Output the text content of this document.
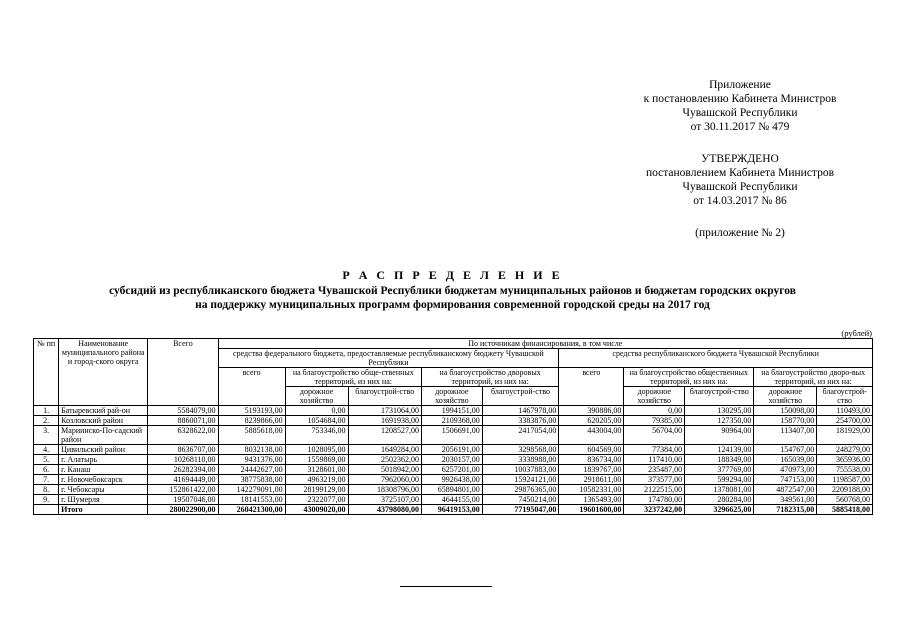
Приложение
к постановлению Кабинета Министров
Чувашской Республики
от 30.11.2017 № 479
УТВЕРЖДЕНО
постановлением Кабинета Министров
Чувашской Республики
от 14.03.2017 № 86
(приложение № 2)
Р А С П Р Е Д Е Л Е Н И Е
субсидий из республиканского бюджета Чувашской Республики бюджетам муниципальных районов и бюджетам городских округов
на поддержку муниципальных программ формирования современной городской среды на 2017 год
(рублей)
№ пп	Наименование муниципального района и город-ского округа	Всего	По источникам финансирования, в том числе									
			средства федерального бюджета, предоставляемые республиканскому бюджету Чувашской Республики					средства республиканского бюджета Чувашской Республики				
			всего	на благоустройство обще-ственных территорий, из них на:		на благоустройство дворовых территорий, из них на:		всего	на благоустройство общественных территорий, из них на:		на благоустройство дворо-вых территорий, из них на:	
				дорожное хозяйство	благоустрой-ство	дорожное хозяйство	благоустрой-ство		дорожное хозяйство	благоустрой-ство	дорожное хозяйство	благоустрой-ство
1.	Батыревский рай-он	5584079,00	5193193,00	0,00	1731064,00	1994151,00	1467978,00	390886,00	0,00	130295,00	150098,00	110493,00
2.	Козловский район	8860071,00	8239866,00	1054684,00	1691938,00	2109368,00	3383876,00	620205,00	79385,00	127350,00	158770,00	254700,00
3.	Мариинско-По-садский район	6328622,00	5885618,00	753346,00	1208527,00	1506691,00	2417054,00	443004,00	56704,00	90964,00	113407,00	181929,00
4.	Цивильский район	8636707,00	8032138,00	1028095,00	1649284,00	2056191,00	3298568,00	604569,00	77384,00	124139,00	154767,00	248279,00
5.	г. Алатырь	10268110,00	9431376,00	1559869,00	2502362,00	2030157,00	3338988,00	836734,00	117410,00	188349,00	165039,00	365936,00
6.	г. Канаш	26282394,00	24442627,00	3128601,00	5018942,00	6257201,00	10037883,00	1839767,00	235487,00	377769,00	470973,00	755538,00
7.	г. Новочебоксарск	41694449,00	38775838,00	4963219,00	7962060,00	9926438,00	15924121,00	2918611,00	373577,00	599294,00	747153,00	1198587,00
8.	г. Чебоксары	152861422,00	142279091,00	28199129,00	18308796,00	65894801,00	29876365,00	10582331,00	2122515,00	1378081,00	4872547,00	2209188,00
9.	г. Шумерля	19507046,00	18141553,00	2322077,00	3725107,00	4644155,00	7450214,00	1365493,00	174780,00	280284,00	349561,00	560768,00
	Итого	280022900,00	260421300,00	43009020,00	43798080,00	96419153,00	77195047,00	19601600,00	3237242,00	3296625,00	7182315,00	5885418,00
